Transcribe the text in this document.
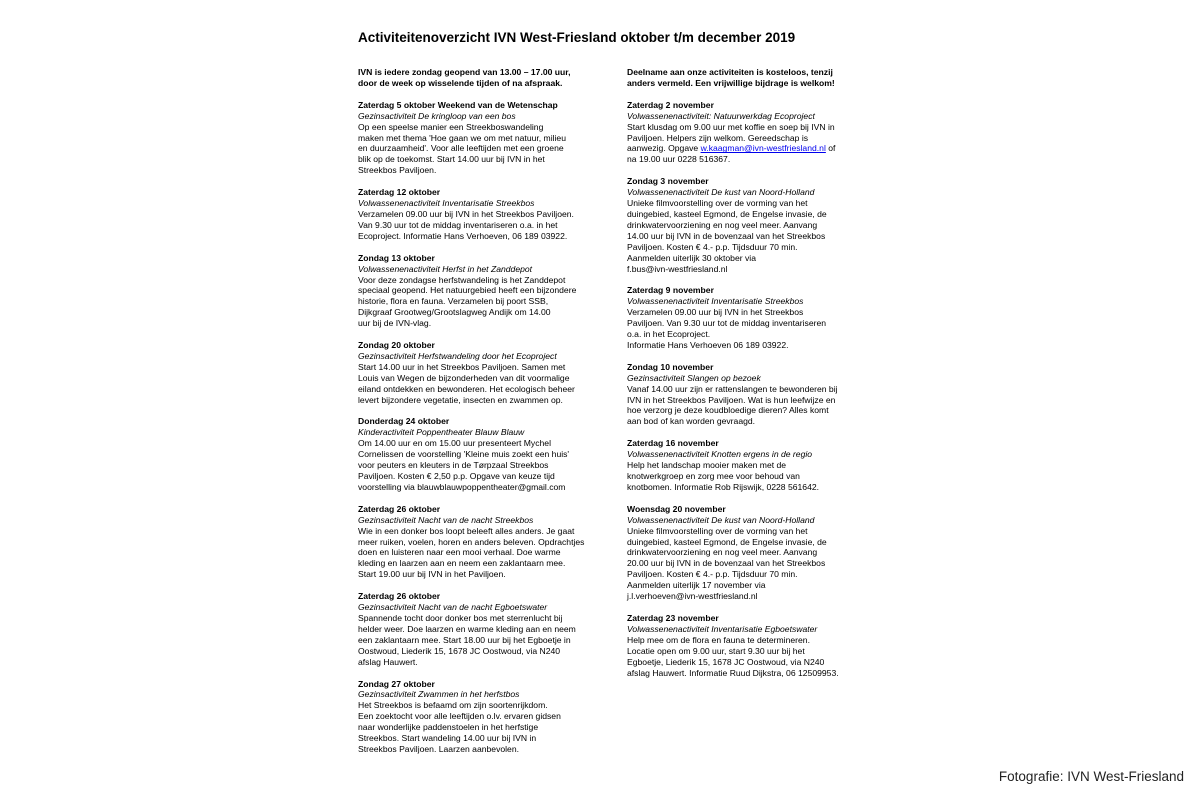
Activiteitenoverzicht IVN West-Friesland oktober t/m december 2019
IVN is iedere zondag geopend van 13.00 – 17.00 uur,
door de week op wisselende tijden of na afspraak.
Zaterdag 5 oktober Weekend van de Wetenschap
Gezinsactiviteit De kringloop van een bos
Op een speelse manier een Streekboswandeling
maken met thema 'Hoe gaan we om met natuur, milieu
en duurzaamheid'. Voor alle leeftijden met een groene
blik op de toekomst. Start 14.00 uur bij IVN in het
Streekbos Paviljoen.
Zaterdag 12 oktober
Volwassenenactiviteit Inventarisatie Streekbos
Verzamelen 09.00 uur bij IVN in het Streekbos Paviljoen.
Van 9.30 uur tot de middag inventariseren o.a. in het
Ecoproject. Informatie Hans Verhoeven, 06 189 03922.
Zondag 13 oktober
Volwassenenactiviteit Herfst in het Zanddepot
Voor deze zondagse herfstwandeling is het Zanddepot
speciaal geopend. Het natuurgebied heeft een bijzondere
historie, flora en fauna. Verzamelen bij poort SSB,
Dijkgraaf Grootweg/Grootslagweg Andijk om 14.00
uur bij de IVN-vlag.
Zondag 20 oktober
Gezinsactiviteit Herfstwandeling door het Ecoproject
Start 14.00 uur in het Streekbos Paviljoen. Samen met
Louis van Wegen de bijzonderheden van dit voormalige
eiland ontdekken en bewonderen. Het ecologisch beheer
levert bijzondere vegetatie, insecten en zwammen op.
Donderdag 24 oktober
Kinderactiviteit Poppentheater Blauw Blauw
Om 14.00 uur en om 15.00 uur presenteert Mychel
Cornelissen de voorstelling 'Kleine muis zoekt een huis'
voor peuters en kleuters in de Tørpzaal Streekbos
Paviljoen. Kosten € 2,50 p.p. Opgave van keuze tijd
voorstelling via blauwblauwpoppentheater@gmail.com
Zaterdag 26 oktober
Gezinsactiviteit Nacht van de nacht Streekbos
Wie in een donker bos loopt beleeft alles anders. Je gaat
meer ruiken, voelen, horen en anders beleven. Opdrachtjes
doen en luisteren naar een mooi verhaal. Doe warme
kleding en laarzen aan en neem een zaklantaarn mee.
Start 19.00 uur bij IVN in het Paviljoen.
Zaterdag 26 oktober
Gezinsactiviteit Nacht van de nacht Egboetswater
Spannende tocht door donker bos met sterrenlucht bij
helder weer. Doe laarzen en warme kleding aan en neem
een zaklantaarn mee. Start 18.00 uur bij het Egboetje in
Oostwoud, Liederik 15, 1678 JC Oostwoud, via N240
afslag Hauwert.
Zondag 27 oktober
Gezinsactiviteit Zwammen in het herfstbos
Het Streekbos is befaamd om zijn soortenrijkdom.
Een zoektocht voor alle leeftijden o.lv. ervaren gidsen
naar wonderlijke paddenstoelen in het herfstige
Streekbos. Start wandeling 14.00 uur bij IVN in
Streekbos Paviljoen. Laarzen aanbevolen.
Deelname aan onze activiteiten is kosteloos, tenzij
anders vermeld. Een vrijwillige bijdrage is welkom!
Zaterdag 2 november
Volwassenenactiviteit: Natuurwerkdag Ecoproject
Start klusdag om 9.00 uur met koffie en soep bij IVN in
Paviljoen. Helpers zijn welkom. Gereedschap is
aanwezig. Opgave w.kaagman@ivn-westfriesland.nl of
na 19.00 uur 0228 516367.
Zondag 3 november
Volwassenenactiviteit De kust van Noord-Holland
Unieke filmvoorstelling over de vorming van het
duingebied, kasteel Egmond, de Engelse invasie, de
drinkwatervoorziening en nog veel meer. Aanvang
14.00 uur bij IVN in de bovenzaal van het Streekbos
Paviljoen. Kosten € 4.- p.p. Tijdsduur 70 min.
Aanmelden uiterlijk 30 oktober via
f.bus@ivn-westfriesland.nl
Zaterdag 9 november
Volwassenenactiviteit Inventarisatie Streekbos
Verzamelen 09.00 uur bij IVN in het Streekbos
Paviljoen. Van 9.30 uur tot de middag inventariseren
o.a. in het Ecoproject.
Informatie Hans Verhoeven 06 189 03922.
Zondag 10 november
Gezinsactiviteit Slangen op bezoek
Vanaf 14.00 uur zijn er rattenslangen te bewonderen bij
IVN in het Streekbos Paviljoen. Wat is hun leefwijze en
hoe verzorg je deze koudbloedige dieren? Alles komt
aan bod of kan worden gevraagd.
Zaterdag 16 november
Volwassenenactiviteit Knotten ergens in de regio
Help het landschap mooier maken met de
knotwerkgroep en zorg mee voor behoud van
knotbomen. Informatie Rob Rijswijk, 0228 561642.
Woensdag 20 november
Volwassenenactiviteit De kust van Noord-Holland
Unieke filmvoorstelling over de vorming van het
duingebied, kasteel Egmond, de Engelse invasie, de
drinkwatervoorziening en nog veel meer. Aanvang
20.00 uur bij IVN in de bovenzaal van het Streekbos
Paviljoen. Kosten € 4.- p.p. Tijdsduur 70 min.
Aanmelden uiterlijk 17 november via
j.l.verhoeven@ivn-westfriesland.nl
Zaterdag 23 november
Volwassenenactiviteit Inventarisatie Egboetswater
Help mee om de flora en fauna te determineren.
Locatie open om 9.00 uur, start 9.30 uur bij het
Egboetje, Liederik 15, 1678 JC Oostwoud, via N240
afslag Hauwert. Informatie Ruud Dijkstra, 06 12509953.
Fotografie: IVN West-Friesland
